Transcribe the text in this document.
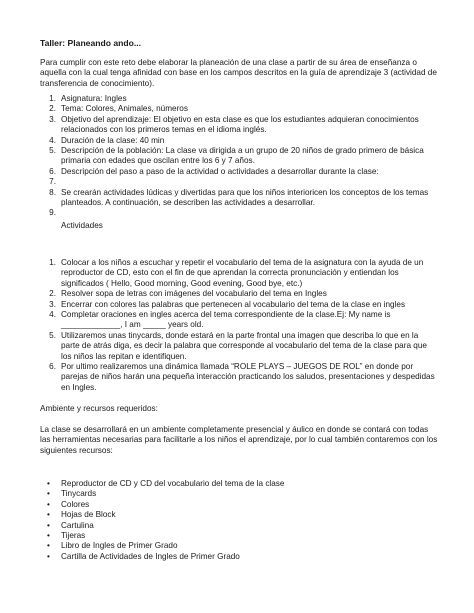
Taller: Planeando ando...
Para cumplir con este reto debe elaborar la planeación de una clase a partir de su área de enseñanza o aquella con la cual tenga afinidad con base en los campos descritos en la guía de aprendizaje 3 (actividad de transferencia de conocimiento).
1. Asignatura: Ingles
2. Tema: Colores, Animales, números
3. Objetivo del aprendizaje: El objetivo en esta clase es que los estudiantes adquieran conocimientos relacionados con los primeros temas en el idioma inglés.
4. Duración de la clase: 40 min
5. Descripción de la población: La clase va dirigida a un grupo de 20 niños de grado primero de básica primaria con edades que oscilan entre los 6 y 7 años.
6. Descripción del paso a paso de la actividad o actividades a desarrollar durante la clase:
7.
8. Se crearán actividades lúdicas y divertidas para que los niños interioricen los conceptos de los temas planteados. A continuación, se describen las actividades a desarrollar.
9.
Actividades
1. Colocar a los niños a escuchar y repetir el vocabulario del tema de la asignatura con la ayuda de un reproductor de CD, esto con el fin de que aprendan la correcta pronunciación y entiendan los significados ( Hello, Good morning, Good evening, Good bye, etc.)
2. Resolver sopa de letras con imágenes del vocabulario del tema en Ingles
3. Encerrar con colores las palabras que pertenecen al vocabulario del tema de la clase en ingles
4. Completar oraciones en ingles acerca del tema correspondiente de la clase.Ej: My name is _____________, I am _____ years old.
5. Utilizaremos unas tinycards, donde estará en la parte frontal una imagen que describa lo que en la parte de atrás diga, es decir la palabra que corresponde al vocabulario del tema de la clase para que los niños las repitan e identifiquen.
6. Por ultimo realizaremos una dinámica llamada “ROLE PLAYS – JUEGOS DE ROL” en donde por parejas de niños harán una pequeña interacción practicando los saludos, presentaciones y despedidas en Ingles.
Ambiente y recursos requeridos:
La clase se desarrollará en un ambiente completamente presencial y áulico en donde se contará con todas las herramientas necesarias para facilitarle a los niños el aprendizaje, por lo cual también contaremos con los siguientes recursos:
• Reproductor de CD y CD del vocabulario del tema de la clase
• Tinycards
• Colores
• Hojas de Block
• Cartulina
• Tijeras
• Libro de Ingles de Primer Grado
• Cartilla de Actividades de Ingles de Primer Grado
